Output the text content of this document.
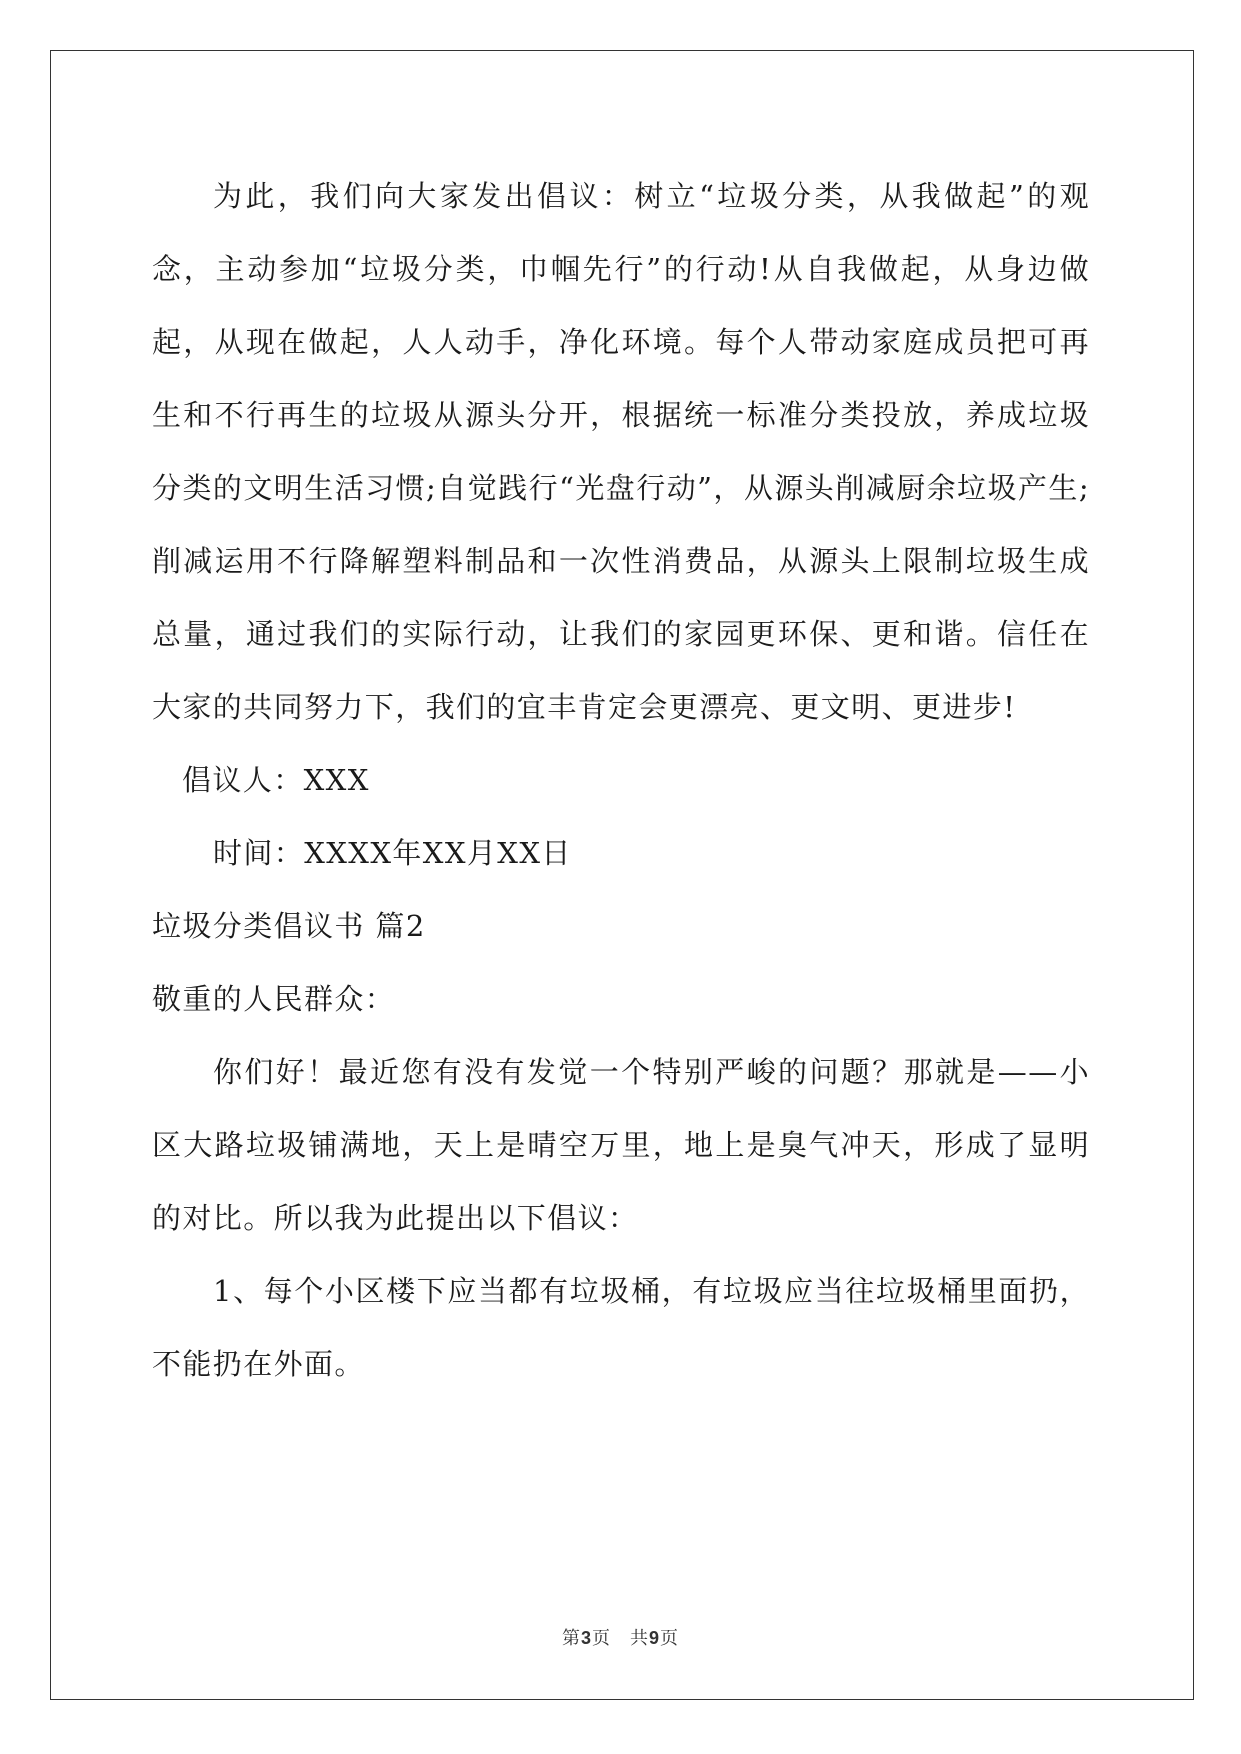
为此，我们向大家发出倡议：树立“垃圾分类，从我做起”的观念，主动参加“垃圾分类，巾帼先行”的行动!从自我做起，从身边做起，从现在做起，人人动手，净化环境。每个人带动家庭成员把可再生和不行再生的垃圾从源头分开，根据统一标准分类投放，养成垃圾分类的文明生活习惯;自觉践行“光盘行动”，从源头削减厨余垃圾产生;削减运用不行降解塑料制品和一次性消费品，从源头上限制垃圾生成总量，通过我们的实际行动，让我们的家园更环保、更和谐。信任在大家的共同努力下，我们的宜丰肯定会更漂亮、更文明、更进步!

倡议人：XXX

时间：XXXX年XX月XX日

垃圾分类倡议书 篇2

敬重的人民群众：

你们好！最近您有没有发觉一个特别严峻的问题？那就是——小区大路垃圾铺满地，天上是晴空万里，地上是臭气冲天，形成了显明的对比。所以我为此提出以下倡议：

1、每个小区楼下应当都有垃圾桶，有垃圾应当往垃圾桶里面扔，不能扔在外面。

第3页　共9页
